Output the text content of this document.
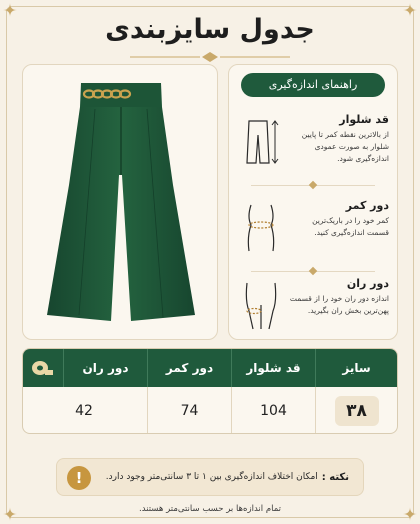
جدول سایزبندی
راهنمای اندازه‌گیری
قد شلوار
از بالاترین نقطه کمر تا پایین شلوار به صورت عمودی اندازه‌گیری شود.
دور کمر
کمر خود را در باریک‌ترین قسمت اندازه‌گیری کنید.
دور ران
اندازه دور ران خود را از قسمت پهن‌ترین بخش ران بگیرید.
سایز
قد شلوار
دور کمر
دور ران
۳۸
104
74
42
نکته :
امکان اختلاف اندازه‌گیری بین ۱ تا ۳ سانتی‌متر وجود دارد.
!
تمام اندازه‌ها بر حسب سانتی‌متر هستند.
